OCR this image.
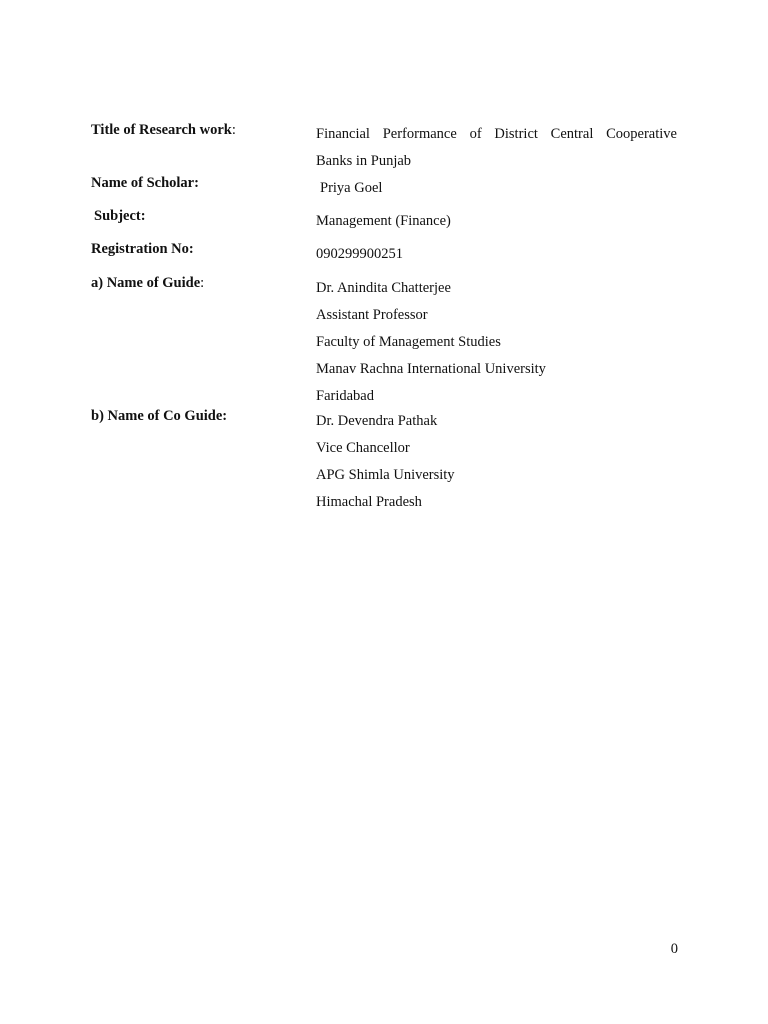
Title of Research work:	Financial Performance of District Central Cooperative
Banks in Punjab
Name of Scholar:	Priya Goel
Subject:	Management (Finance)
Registration No:	090299900251
a) Name of Guide:	Dr. Anindita Chatterjee
Assistant Professor
Faculty of Management Studies
Manav Rachna International University
Faridabad
b) Name of Co Guide:	Dr. Devendra Pathak
Vice Chancellor
APG Shimla University
Himachal Pradesh
0
